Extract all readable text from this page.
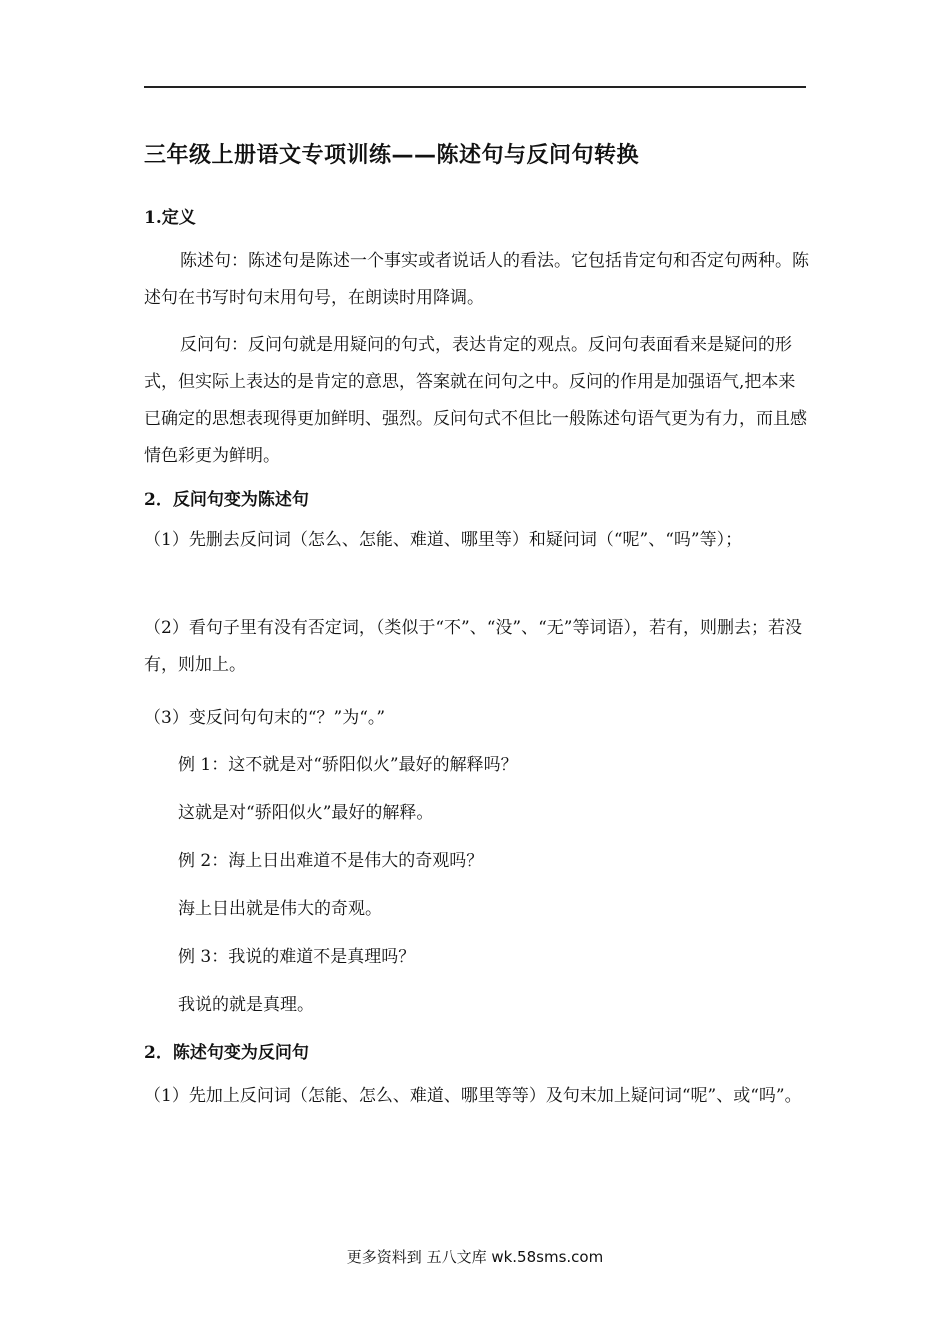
三年级上册语文专项训练——陈述句与反问句转换
1.定义
陈述句：陈述句是陈述一个事实或者说话人的看法。它包括肯定句和否定句两种。陈述句在书写时句末用句号，在朗读时用降调。
反问句：反问句就是用疑问的句式，表达肯定的观点。反问句表面看来是疑问的形式，但实际上表达的是肯定的意思，答案就在问句之中。反问的作用是加强语气,把本来已确定的思想表现得更加鲜明、强烈。反问句式不但比一般陈述句语气更为有力，而且感情色彩更为鲜明。
2．反问句变为陈述句
（1）先删去反问词（怎么、怎能、难道、哪里等）和疑问词（“呢”、“吗”等）；
（2）看句子里有没有否定词，（类似于“不”、“没”、“无”等词语），若有，则删去；若没有，则加上。
（3）变反问句句末的“？”为“。”
例 1：这不就是对“骄阳似火”最好的解释吗？
这就是对“骄阳似火”最好的解释。
例 2：海上日出难道不是伟大的奇观吗？
海上日出就是伟大的奇观。
例 3：我说的难道不是真理吗？
我说的就是真理。
2．陈述句变为反问句
（1）先加上反问词（怎能、怎么、难道、哪里等等）及句末加上疑问词“呢”、或“吗”。
更多资料到 五八文库 wk.58sms.com
